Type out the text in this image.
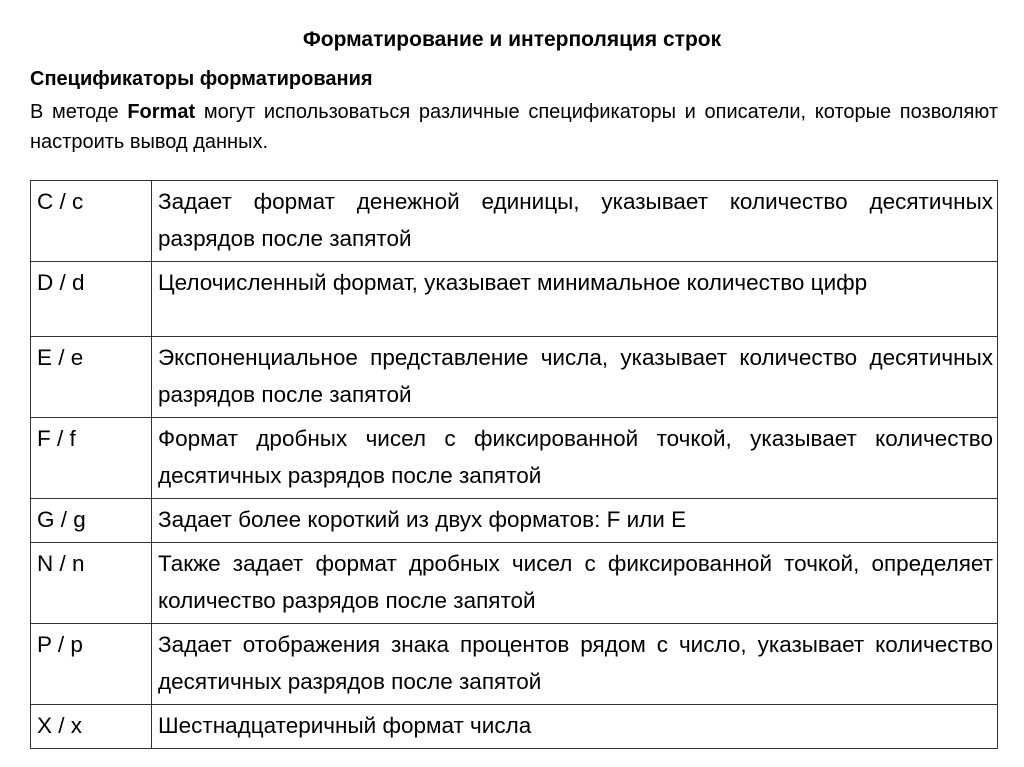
Форматирование и интерполяция строк
Спецификаторы форматирования
В методе Format могут использоваться различные спецификаторы и описатели, которые позволяют настроить вывод данных.
C / c	Задает формат денежной единицы, указывает количество десятичных разрядов после запятой
D / d	Целочисленный формат, указывает минимальное количество цифр
E / e	Экспоненциальное представление числа, указывает количество десятичных разрядов после запятой
F / f	Формат дробных чисел с фиксированной точкой, указывает количество десятичных разрядов после запятой
G / g	Задает более короткий из двух форматов: F или E
N / n	Также задает формат дробных чисел с фиксированной точкой, определяет количество разрядов после запятой
P / p	Задает отображения знака процентов рядом с число, указывает количество десятичных разрядов после запятой
X / x	Шестнадцатеричный формат числа
